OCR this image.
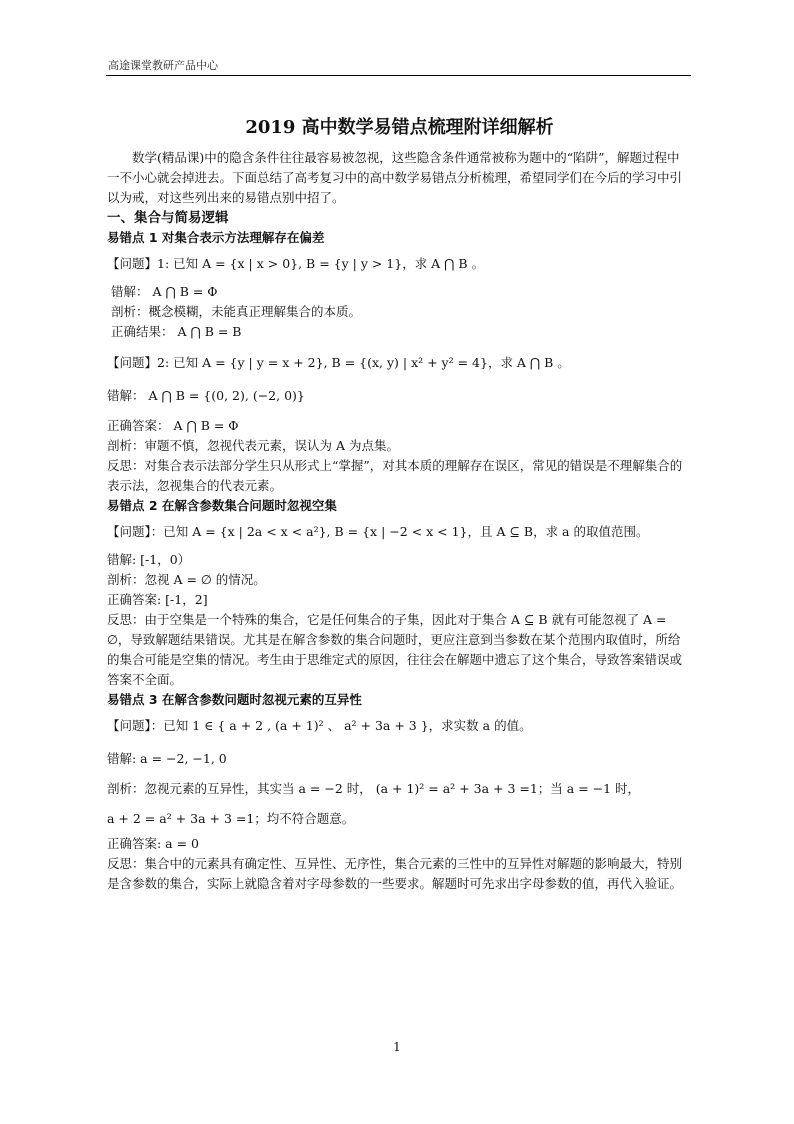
高途课堂教研产品中心
2019 高中数学易错点梳理附详细解析

数学(精品课)中的隐含条件往往最容易被忽视，这些隐含条件通常被称为题中的“陷阱”，解题过程中一不小心就会掉进去。下面总结了高考复习中的高中数学易错点分析梳理，希望同学们在今后的学习中引以为戒，对这些列出来的易错点别中招了。

一、集合与简易逻辑

易错点 1 对集合表示方法理解存在偏差

【问题】1: 已知 A = {x | x > 0}, B = {y | y > 1}，求 A ⋂ B 。

错解： A ⋂ B = Φ

剖析：概念模糊，未能真正理解集合的本质。

正确结果： A ⋂ B = B

【问题】2: 已知 A = {y | y = x + 2}, B = {(x, y) | x² + y² = 4}，求 A ⋂ B 。

错解： A ⋂ B = {(0, 2), (−2, 0)}

正确答案： A ⋂ B = Φ

剖析：审题不慎，忽视代表元素，误认为 A 为点集。

反思：对集合表示法部分学生只从形式上“掌握”，对其本质的理解存在误区，常见的错误是不理解集合的表示法，忽视集合的代表元素。

易错点 2 在解含参数集合问题时忽视空集

【问题】：已知 A = {x | 2a < x < a²}, B = {x | −2 < x < 1}，且 A ⊆ B，求 a 的取值范围。

错解: [-1，0）

剖析：忽视 A = ∅ 的情况。

正确答案: [-1，2]

反思：由于空集是一个特殊的集合，它是任何集合的子集，因此对于集合 A ⊆ B 就有可能忽视了 A = ∅，导致解题结果错误。尤其是在解含参数的集合问题时，更应注意到当参数在某个范围内取值时，所给的集合可能是空集的情况。考生由于思维定式的原因，往往会在解题中遗忘了这个集合，导致答案错误或答案不全面。

易错点 3 在解含参数问题时忽视元素的互异性

【问题】：已知 1 ∈ { a + 2 , (a + 1)² 、 a² + 3a + 3 }，求实数 a 的值。

错解: a = −2, −1, 0

剖析：忽视元素的互异性，其实当 a = −2 时， (a + 1)² = a² + 3a + 3 =1；当 a = −1 时，

a + 2 = a² + 3a + 3 =1；均不符合题意。

正确答案: a = 0

反思：集合中的元素具有确定性、互异性、无序性，集合元素的三性中的互异性对解题的影响最大，特别是含参数的集合，实际上就隐含着对字母参数的一些要求。解题时可先求出字母参数的值，再代入验证。

1
